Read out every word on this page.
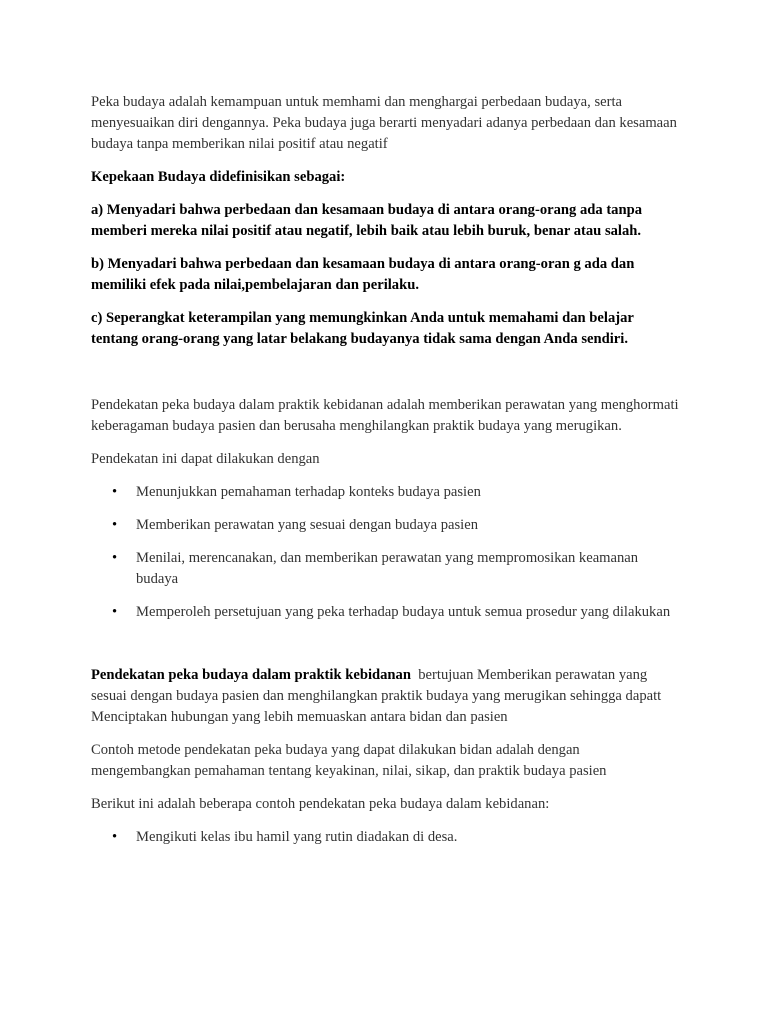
Peka budaya adalah kemampuan untuk memhami dan menghargai perbedaan budaya, serta menyesuaikan diri dengannya. Peka budaya juga berarti menyadari adanya perbedaan dan kesamaan budaya tanpa memberikan nilai positif atau negatif

Kepekaan Budaya didefinisikan sebagai:

a) Menyadari bahwa perbedaan dan kesamaan budaya di antara orang-orang ada tanpa memberi mereka nilai positif atau negatif, lebih baik atau lebih buruk, benar atau salah.

b) Menyadari bahwa perbedaan dan kesamaan budaya di antara orang-oran g ada dan memiliki efek pada nilai,pembelajaran dan perilaku.

c) Seperangkat keterampilan yang memungkinkan Anda untuk memahami dan belajar tentang orang-orang yang latar belakang budayanya tidak sama dengan Anda sendiri.

Pendekatan peka budaya dalam praktik kebidanan adalah memberikan perawatan yang menghormati keberagaman budaya pasien dan berusaha menghilangkan praktik budaya yang merugikan.

Pendekatan ini dapat dilakukan dengan

• Menunjukkan pemahaman terhadap konteks budaya pasien
• Memberikan perawatan yang sesuai dengan budaya pasien
• Menilai, merencanakan, dan memberikan perawatan yang mempromosikan keamanan budaya
• Memperoleh persetujuan yang peka terhadap budaya untuk semua prosedur yang dilakukan

Pendekatan peka budaya dalam praktik kebidanan  bertujuan Memberikan perawatan yang sesuai dengan budaya pasien dan menghilangkan praktik budaya yang merugikan sehingga dapatt Menciptakan hubungan yang lebih memuaskan antara bidan dan pasien

Contoh metode pendekatan peka budaya yang dapat dilakukan bidan adalah dengan mengembangkan pemahaman tentang keyakinan, nilai, sikap, dan praktik budaya pasien

Berikut ini adalah beberapa contoh pendekatan peka budaya dalam kebidanan:

• Mengikuti kelas ibu hamil yang rutin diadakan di desa.
